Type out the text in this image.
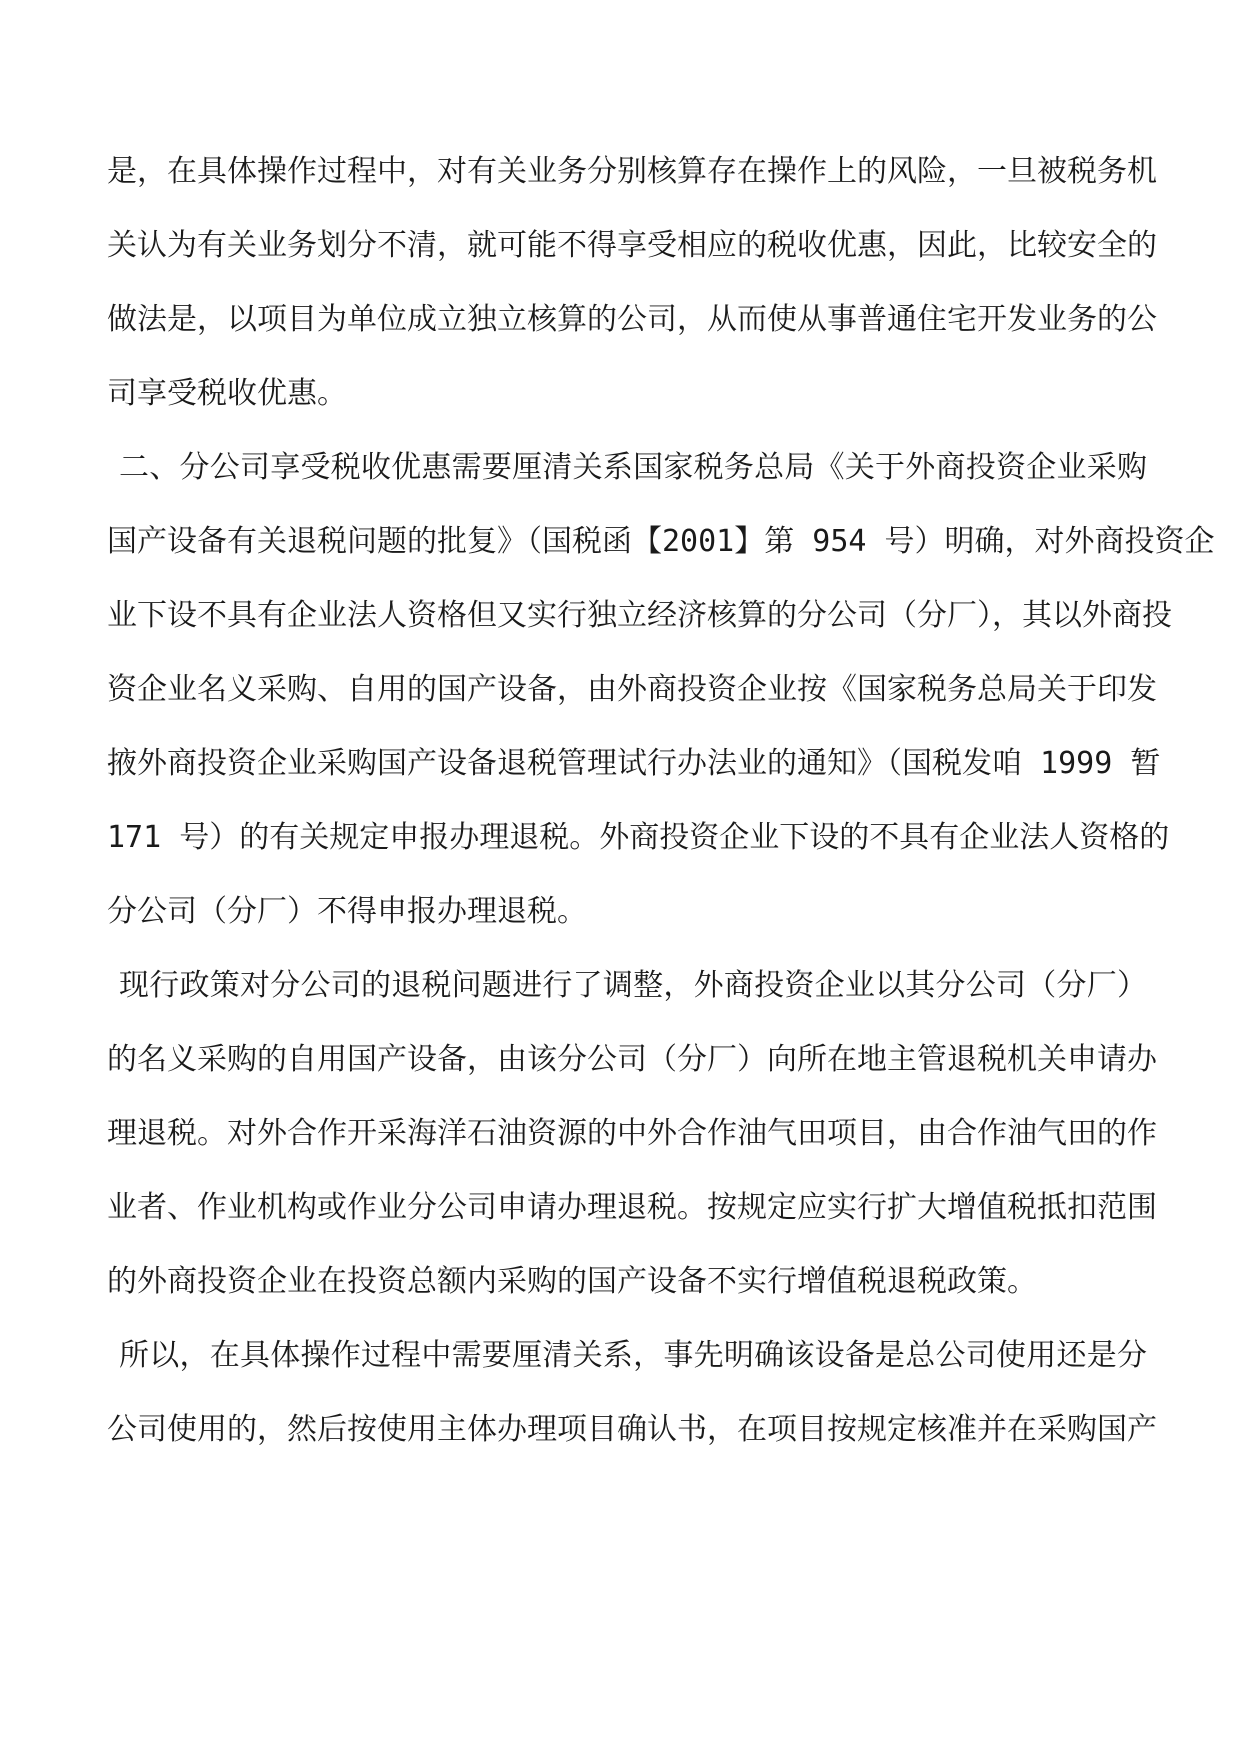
是，在具体操作过程中，对有关业务分别核算存在操作上的风险，一旦被税务机
关认为有关业务划分不清，就可能不得享受相应的税收优惠，因此，比较安全的
做法是，以项目为单位成立独立核算的公司，从而使从事普通住宅开发业务的公
司享受税收优惠。
二、分公司享受税收优惠需要厘清关系国家税务总局《关于外商投资企业采购
国产设备有关退税问题的批复》（国税函【2001】第 954 号）明确，对外商投资企
业下设不具有企业法人资格但又实行独立经济核算的分公司（分厂），其以外商投
资企业名义采购、自用的国产设备，由外商投资企业按《国家税务总局关于印发
掖外商投资企业采购国产设备退税管理试行办法业的通知》（国税发咱 1999 暂
171 号）的有关规定申报办理退税。外商投资企业下设的不具有企业法人资格的
分公司（分厂）不得申报办理退税。
现行政策对分公司的退税问题进行了调整，外商投资企业以其分公司（分厂）
的名义采购的自用国产设备，由该分公司（分厂）向所在地主管退税机关申请办
理退税。对外合作开采海洋石油资源的中外合作油气田项目，由合作油气田的作
业者、作业机构或作业分公司申请办理退税。按规定应实行扩大增值税抵扣范围
的外商投资企业在投资总额内采购的国产设备不实行增值税退税政策。
所以，在具体操作过程中需要厘清关系，事先明确该设备是总公司使用还是分
公司使用的，然后按使用主体办理项目确认书，在项目按规定核准并在采购国产
